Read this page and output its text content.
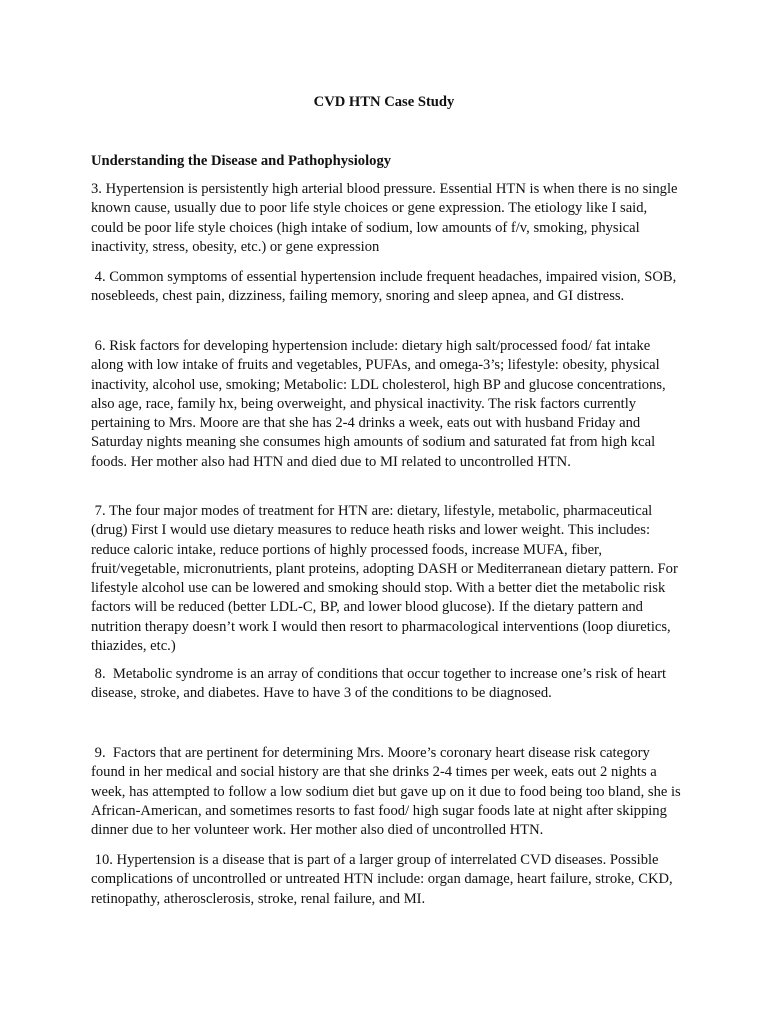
CVD HTN Case Study
Understanding the Disease and Pathophysiology

3. Hypertension is persistently high arterial blood pressure. Essential HTN is when there is no single known cause, usually due to poor life style choices or gene expression. The etiology like I said, could be poor life style choices (high intake of sodium, low amounts of f/v, smoking, physical inactivity, stress, obesity, etc.) or gene expression

4. Common symptoms of essential hypertension include frequent headaches, impaired vision, SOB, nosebleeds, chest pain, dizziness, failing memory, snoring and sleep apnea, and GI distress.

6. Risk factors for developing hypertension include: dietary high salt/processed food/ fat intake along with low intake of fruits and vegetables, PUFAs, and omega-3’s; lifestyle: obesity, physical inactivity, alcohol use, smoking; Metabolic: LDL cholesterol, high BP and glucose concentrations, also age, race, family hx, being overweight, and physical inactivity. The risk factors currently pertaining to Mrs. Moore are that she has 2-4 drinks a week, eats out with husband Friday and Saturday nights meaning she consumes high amounts of sodium and saturated fat from high kcal foods. Her mother also had HTN and died due to MI related to uncontrolled HTN.

7. The four major modes of treatment for HTN are: dietary, lifestyle, metabolic, pharmaceutical (drug) First I would use dietary measures to reduce heath risks and lower weight. This includes: reduce caloric intake, reduce portions of highly processed foods, increase MUFA, fiber, fruit/vegetable, micronutrients, plant proteins, adopting DASH or Mediterranean dietary pattern. For lifestyle alcohol use can be lowered and smoking should stop. With a better diet the metabolic risk factors will be reduced (better LDL-C, BP, and lower blood glucose). If the dietary pattern and nutrition therapy doesn’t work I would then resort to pharmacological interventions (loop diuretics, thiazides, etc.)

8.  Metabolic syndrome is an array of conditions that occur together to increase one’s risk of heart disease, stroke, and diabetes. Have to have 3 of the conditions to be diagnosed.

9.  Factors that are pertinent for determining Mrs. Moore’s coronary heart disease risk category found in her medical and social history are that she drinks 2-4 times per week, eats out 2 nights a week, has attempted to follow a low sodium diet but gave up on it due to food being too bland, she is African-American, and sometimes resorts to fast food/ high sugar foods late at night after skipping dinner due to her volunteer work. Her mother also died of uncontrolled HTN.

10. Hypertension is a disease that is part of a larger group of interrelated CVD diseases. Possible complications of uncontrolled or untreated HTN include: organ damage, heart failure, stroke, CKD, retinopathy, atherosclerosis, stroke, renal failure, and MI.
